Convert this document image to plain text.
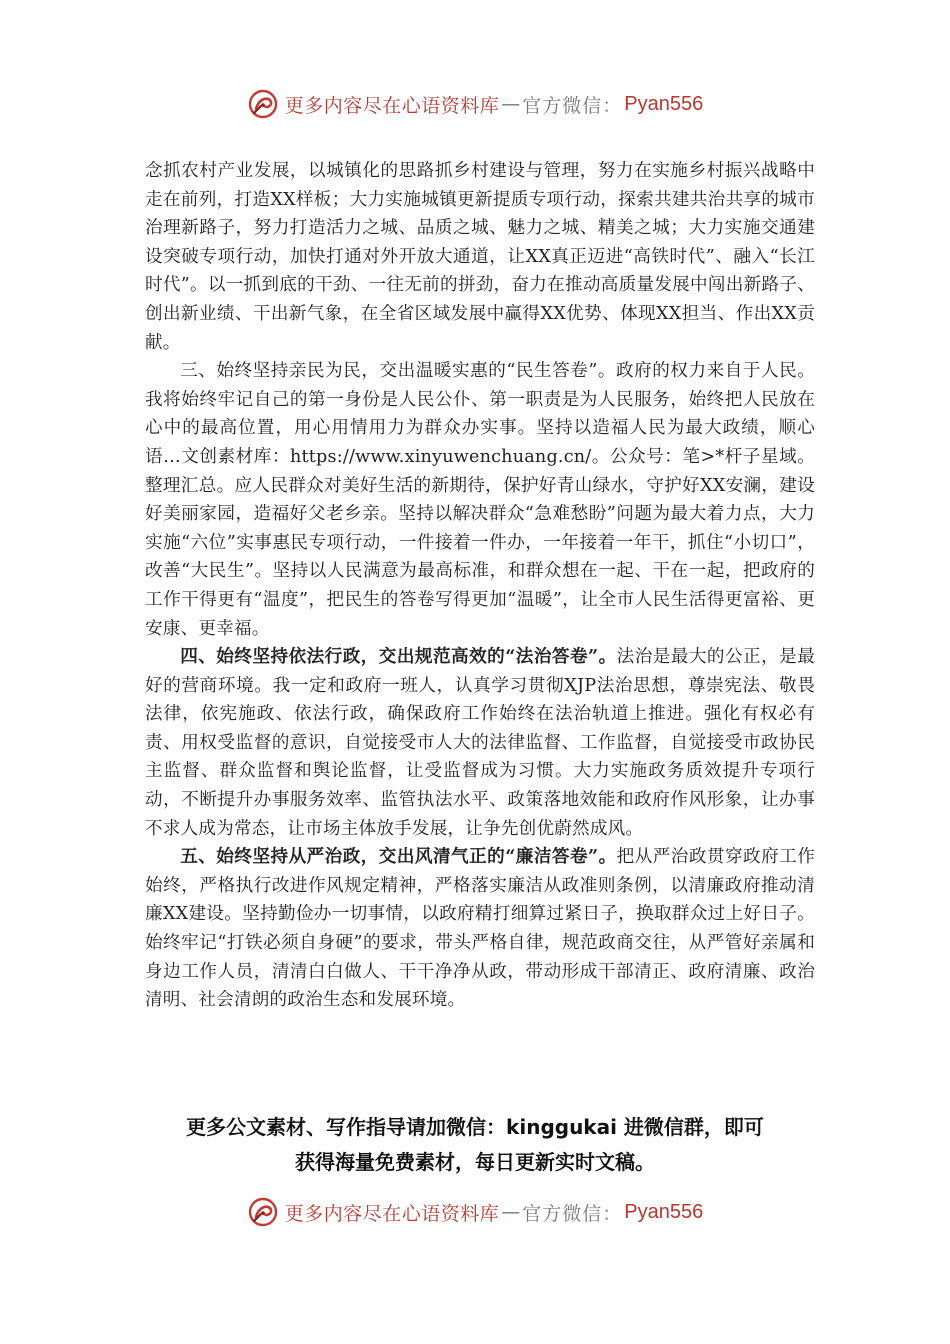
更多内容尽在心语资料库 — 官方微信： Pyan556

念抓农村产业发展，以城镇化的思路抓乡村建设与管理，努力在实施乡村振兴战略中走在前列，打造XX样板；大力实施城镇更新提质专项行动，探索共建共治共享的城市治理新路子，努力打造活力之城、品质之城、魅力之城、精美之城；大力实施交通建设突破专项行动，加快打通对外开放大通道，让XX真正迈进“高铁时代”、融入“长江时代”。以一抓到底的干劲、一往无前的拼劲，奋力在推动高质量发展中闯出新路子、创出新业绩、干出新气象，在全省区域发展中赢得XX优势、体现XX担当、作出XX贡献。

三、始终坚持亲民为民，交出温暖实惠的“民生答卷”。政府的权力来自于人民。我将始终牢记自己的第一身份是人民公仆、第一职责是为人民服务，始终把人民放在心中的最高位置，用心用情用力为群众办实事。坚持以造福人民为最大政绩，顺心语…文创素材库：https://www.xinyuwenchuang.cn/。公众号：笔>*杆子星域。整理汇总。应人民群众对美好生活的新期待，保护好青山绿水，守护好XX安澜，建设好美丽家园，造福好父老乡亲。坚持以解决群众“急难愁盼”问题为最大着力点，大力实施“六位”实事惠民专项行动，一件接着一件办，一年接着一年干，抓住“小切口”，改善“大民生”。坚持以人民满意为最高标准，和群众想在一起、干在一起，把政府的工作干得更有“温度”，把民生的答卷写得更加“温暖”，让全市人民生活得更富裕、更安康、更幸福。

四、始终坚持依法行政，交出规范高效的“法治答卷”。法治是最大的公正，是最好的营商环境。我一定和政府一班人，认真学习贯彻XJP法治思想，尊崇宪法、敬畏法律，依宪施政、依法行政，确保政府工作始终在法治轨道上推进。强化有权必有责、用权受监督的意识，自觉接受市人大的法律监督、工作监督，自觉接受市政协民主监督、群众监督和舆论监督，让受监督成为习惯。大力实施政务质效提升专项行动，不断提升办事服务效率、监管执法水平、政策落地效能和政府作风形象，让办事不求人成为常态，让市场主体放手发展，让争先创优蔚然成风。

五、始终坚持从严治政，交出风清气正的“廉洁答卷”。把从严治政贯穿政府工作始终，严格执行改进作风规定精神，严格落实廉洁从政准则条例，以清廉政府推动清廉XX建设。坚持勤俭办一切事情，以政府精打细算过紧日子，换取群众过上好日子。始终牢记“打铁必须自身硬”的要求，带头严格自律，规范政商交往，从严管好亲属和身边工作人员，清清白白做人、干干净净从政，带动形成干部清正、政府清廉、政治清明、社会清朗的政治生态和发展环境。

更多公文素材、写作指导请加微信：kinggukai 进微信群，即可
获得海量免费素材，每日更新实时文稿。
更多内容尽在心语资料库 — 官方微信： Pyan556
